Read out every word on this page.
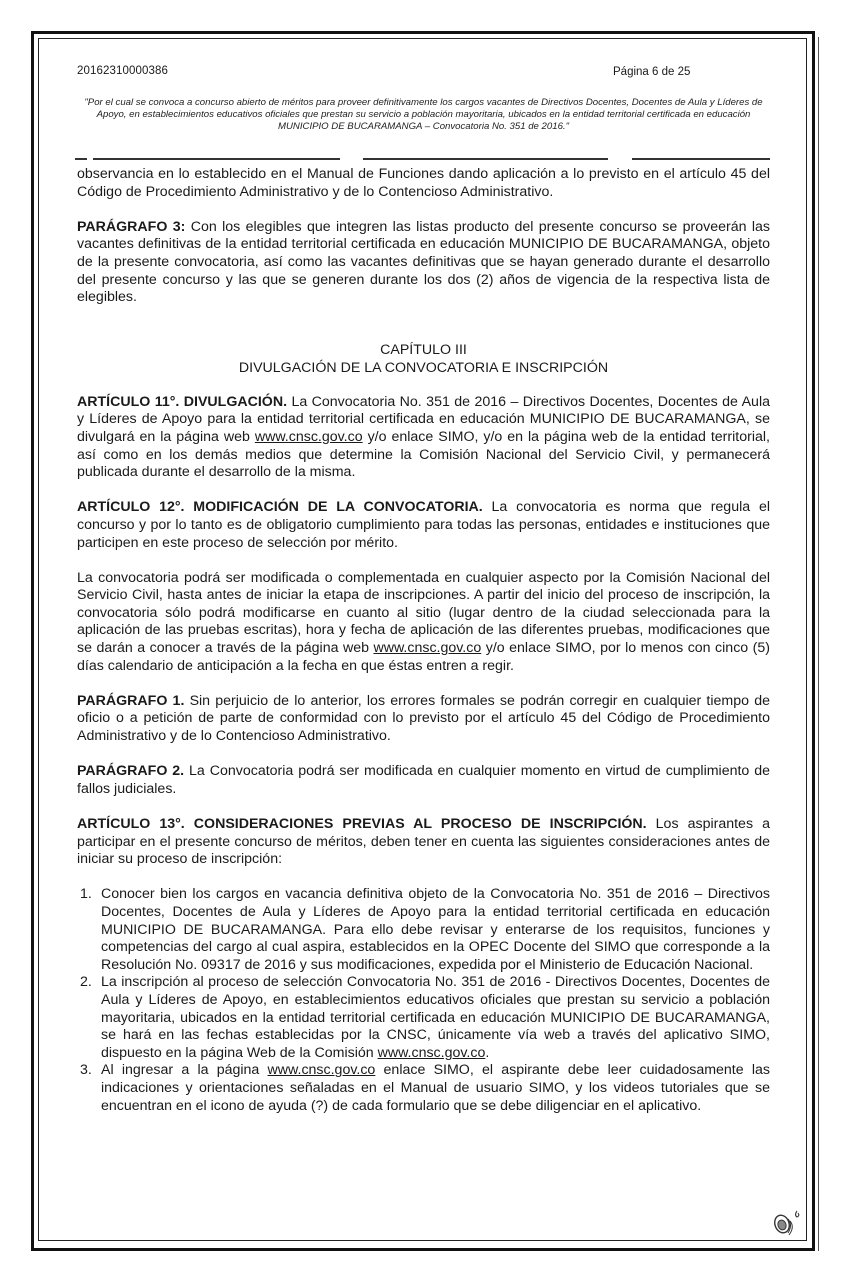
20162310000386	Página 6 de 25
"Por el cual se convoca a concurso abierto de méritos para proveer definitivamente los cargos vacantes de Directivos Docentes, Docentes de Aula y Líderes de Apoyo, en establecimientos educativos oficiales que prestan su servicio a población mayoritaria, ubicados en la entidad territorial certificada en educación MUNICIPIO DE BUCARAMANGA – Convocatoria No. 351 de 2016."

observancia en lo establecido en el Manual de Funciones dando aplicación a lo previsto en el artículo 45 del Código de Procedimiento Administrativo y de lo Contencioso Administrativo.

PARÁGRAFO 3: Con los elegibles que integren las listas producto del presente concurso se proveerán las vacantes definitivas de la entidad territorial certificada en educación MUNICIPIO DE BUCARAMANGA, objeto de la presente convocatoria, así como las vacantes definitivas que se hayan generado durante el desarrollo del presente concurso y las que se generen durante los dos (2) años de vigencia de la respectiva lista de elegibles.

CAPÍTULO III
DIVULGACIÓN DE LA CONVOCATORIA E INSCRIPCIÓN

ARTÍCULO 11°. DIVULGACIÓN. La Convocatoria No. 351 de 2016 – Directivos Docentes, Docentes de Aula y Líderes de Apoyo para la entidad territorial certificada en educación MUNICIPIO DE BUCARAMANGA, se divulgará en la página web www.cnsc.gov.co y/o enlace SIMO, y/o en la página web de la entidad territorial, así como en los demás medios que determine la Comisión Nacional del Servicio Civil, y permanecerá publicada durante el desarrollo de la misma.

ARTÍCULO 12°. MODIFICACIÓN DE LA CONVOCATORIA. La convocatoria es norma que regula el concurso y por lo tanto es de obligatorio cumplimiento para todas las personas, entidades e instituciones que participen en este proceso de selección por mérito.

La convocatoria podrá ser modificada o complementada en cualquier aspecto por la Comisión Nacional del Servicio Civil, hasta antes de iniciar la etapa de inscripciones. A partir del inicio del proceso de inscripción, la convocatoria sólo podrá modificarse en cuanto al sitio (lugar dentro de la ciudad seleccionada para la aplicación de las pruebas escritas), hora y fecha de aplicación de las diferentes pruebas, modificaciones que se darán a conocer a través de la página web www.cnsc.gov.co y/o enlace SIMO, por lo menos con cinco (5) días calendario de anticipación a la fecha en que éstas entren a regir.

PARÁGRAFO 1. Sin perjuicio de lo anterior, los errores formales se podrán corregir en cualquier tiempo de oficio o a petición de parte de conformidad con lo previsto por el artículo 45 del Código de Procedimiento Administrativo y de lo Contencioso Administrativo.

PARÁGRAFO 2. La Convocatoria podrá ser modificada en cualquier momento en virtud de cumplimiento de fallos judiciales.

ARTÍCULO 13°. CONSIDERACIONES PREVIAS AL PROCESO DE INSCRIPCIÓN. Los aspirantes a participar en el presente concurso de méritos, deben tener en cuenta las siguientes consideraciones antes de iniciar su proceso de inscripción:

1. Conocer bien los cargos en vacancia definitiva objeto de la Convocatoria No. 351 de 2016 – Directivos Docentes, Docentes de Aula y Líderes de Apoyo para la entidad territorial certificada en educación MUNICIPIO DE BUCARAMANGA. Para ello debe revisar y enterarse de los requisitos, funciones y competencias del cargo al cual aspira, establecidos en la OPEC Docente del SIMO que corresponde a la Resolución No. 09317 de 2016 y sus modificaciones, expedida por el Ministerio de Educación Nacional.
2. La inscripción al proceso de selección Convocatoria No. 351 de 2016 - Directivos Docentes, Docentes de Aula y Líderes de Apoyo, en establecimientos educativos oficiales que prestan su servicio a población mayoritaria, ubicados en la entidad territorial certificada en educación MUNICIPIO DE BUCARAMANGA, se hará en las fechas establecidas por la CNSC, únicamente vía web a través del aplicativo SIMO, dispuesto en la página Web de la Comisión www.cnsc.gov.co.
3. Al ingresar a la página www.cnsc.gov.co enlace SIMO, el aspirante debe leer cuidadosamente las indicaciones y orientaciones señaladas en el Manual de usuario SIMO, y los videos tutoriales que se encuentran en el icono de ayuda (?) de cada formulario que se debe diligenciar en el aplicativo.
